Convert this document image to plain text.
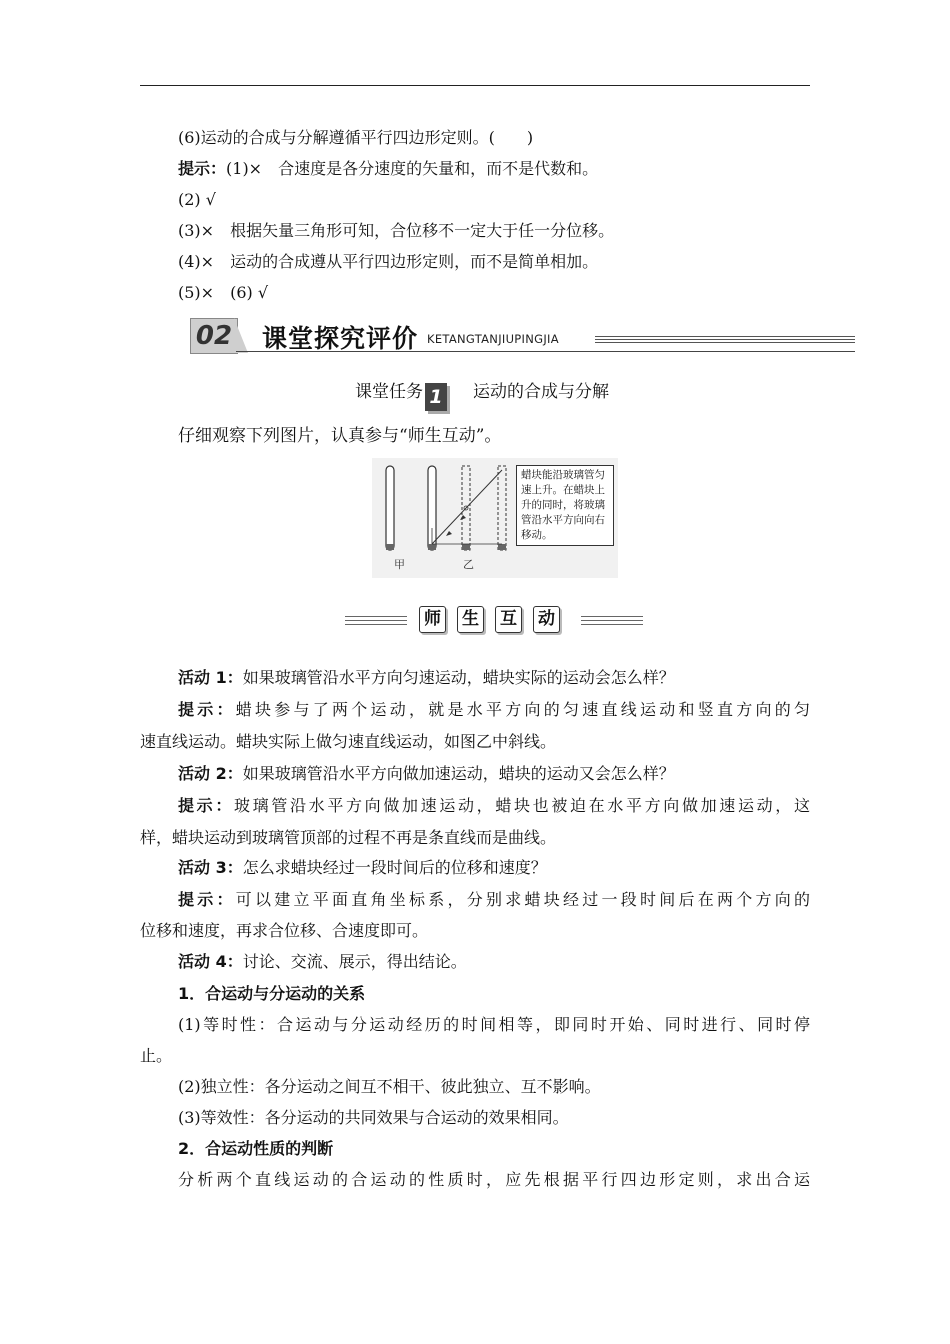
(6)运动的合成与分解遵循平行四边形定则。(　　)
提示：(1)× 合速度是各分速度的矢量和，而不是代数和。
(2) √
(3)× 根据矢量三角形可知，合位移不一定大于任一分位移。
(4)× 运动的合成遵从平行四边形定则，而不是简单相加。
(5)× (6) √
02 课堂探究评价 KETANGTANJIUPINGJIA
课堂任务 1 运动的合成与分解
仔细观察下列图片，认真参与“师生互动”。
甲	乙
蜡块能沿玻璃管匀速上升。在蜡块上升的同时，将玻璃管沿水平方向向右移动。
师 生 互 动
活动 1：如果玻璃管沿水平方向匀速运动，蜡块实际的运动会怎么样？
提示：蜡块参与了两个运动，就是水平方向的匀速直线运动和竖直方向的匀
速直线运动。蜡块实际上做匀速直线运动，如图乙中斜线。
活动 2：如果玻璃管沿水平方向做加速运动，蜡块的运动又会怎么样？
提示：玻璃管沿水平方向做加速运动，蜡块也被迫在水平方向做加速运动，这
样，蜡块运动到玻璃管顶部的过程不再是条直线而是曲线。
活动 3：怎么求蜡块经过一段时间后的位移和速度？
提示：可以建立平面直角坐标系，分别求蜡块经过一段时间后在两个方向的
位移和速度，再求合位移、合速度即可。
活动 4：讨论、交流、展示，得出结论。
1．合运动与分运动的关系
(1)等时性：合运动与分运动经历的时间相等，即同时开始、同时进行、同时停
止。
(2)独立性：各分运动之间互不相干、彼此独立、互不影响。
(3)等效性：各分运动的共同效果与合运动的效果相同。
2．合运动性质的判断
分析两个直线运动的合运动的性质时，应先根据平行四边形定则，求出合运
